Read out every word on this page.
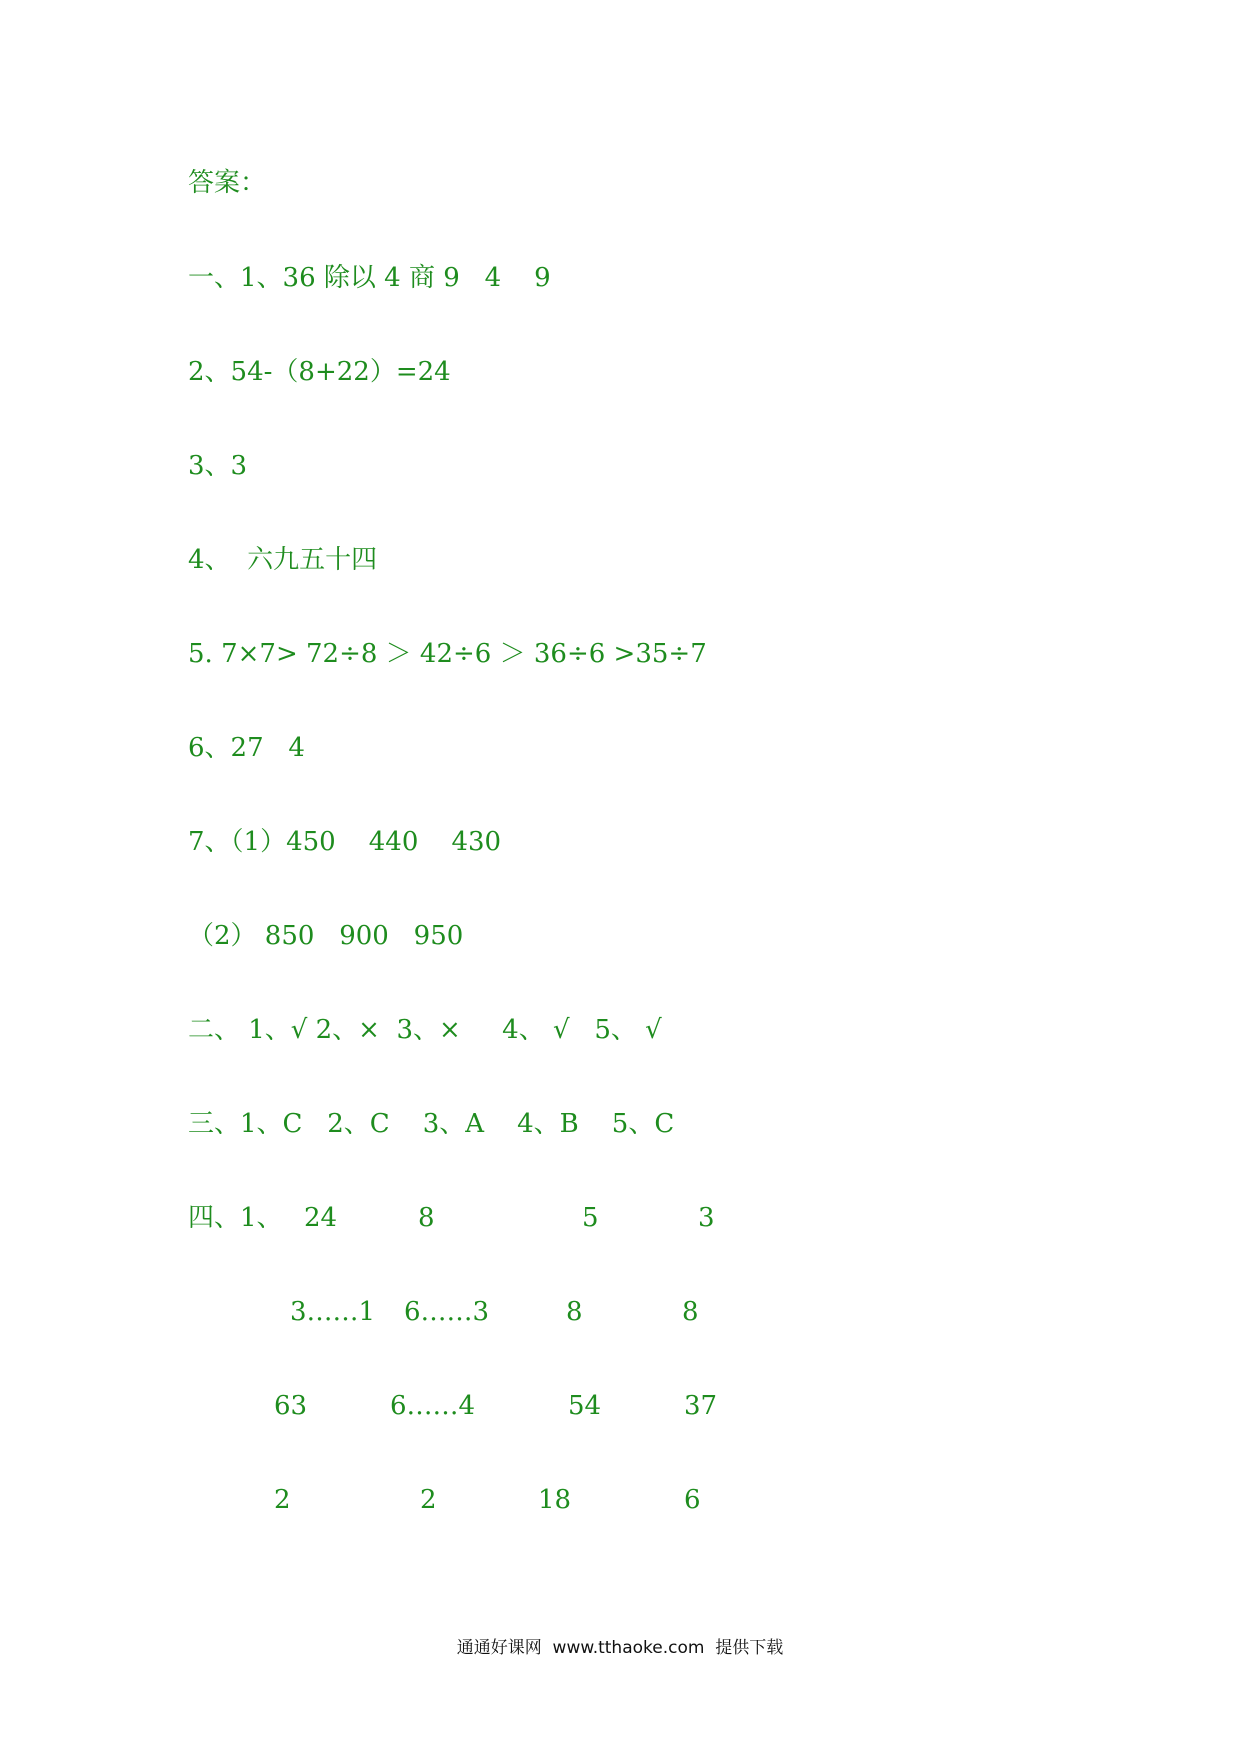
答案：
一、1、36 除以 4 商 9   4    9
2、54-（8+22）=24
3、3
4、  六九五十四
5. 7×7> 72÷8 ＞ 42÷6 ＞ 36÷6 >35÷7
6、27   4
7、（1）450    440    430
（2） 850   900   950
二、 1、√ 2、×  3、×     4、 √   5、 √
三、1、C   2、C    3、A    4、B    5、C
四、1、 24	8	5	3
3……1 6……3	8	8
63	6……4	54	37
2	2	18	6
通通好课网  www.tthaoke.com  提供下载
